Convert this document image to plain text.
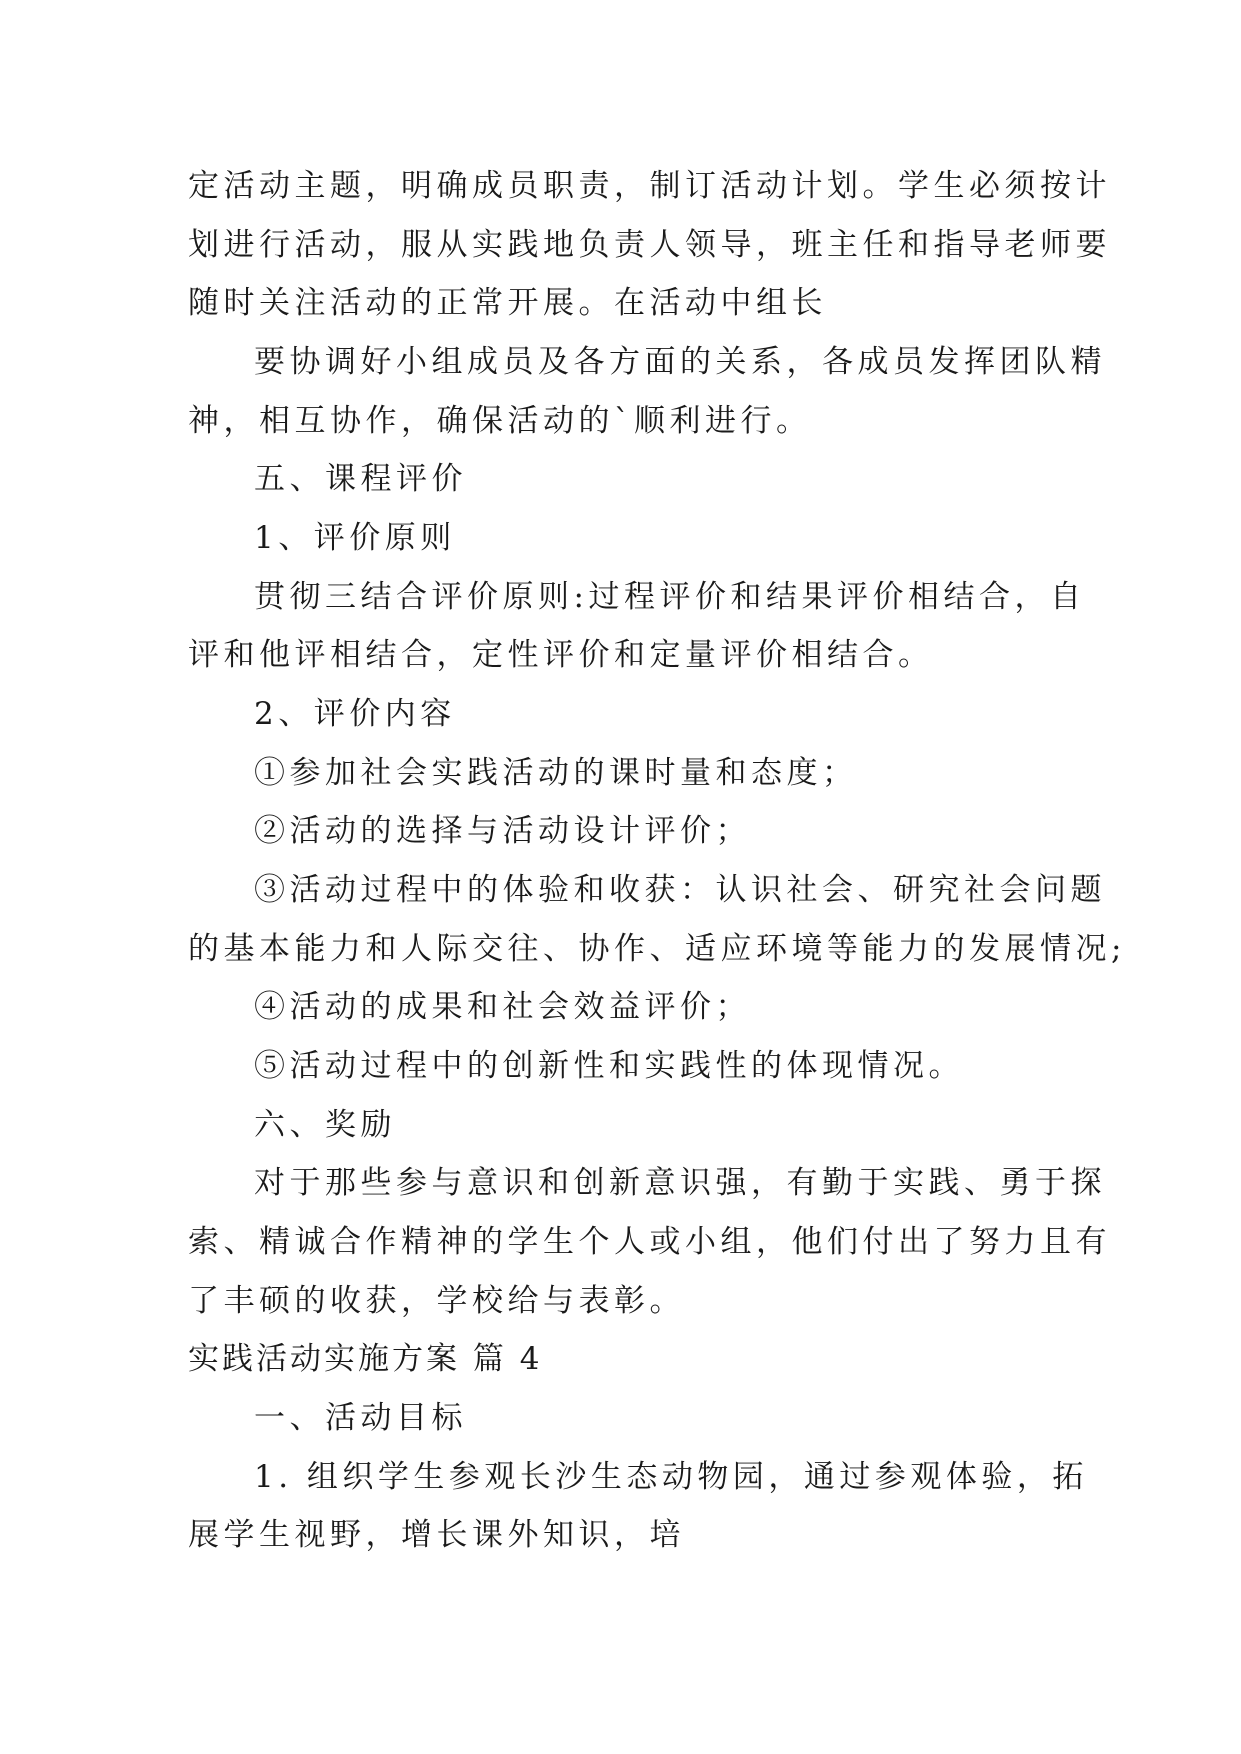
定活动主题，明确成员职责，制订活动计划。学生必须按计
划进行活动，服从实践地负责人领导，班主任和指导老师要
随时关注活动的正常开展。在活动中组长
要协调好小组成员及各方面的关系，各成员发挥团队精
神，相互协作，确保活动的`顺利进行。
五、课程评价
1、评价原则
贯彻三结合评价原则:过程评价和结果评价相结合，自
评和他评相结合，定性评价和定量评价相结合。
2、评价内容
①参加社会实践活动的课时量和态度；
②活动的选择与活动设计评价；
③活动过程中的体验和收获：认识社会、研究社会问题
的基本能力和人际交往、协作、适应环境等能力的发展情况;
④活动的成果和社会效益评价；
⑤活动过程中的创新性和实践性的体现情况。
六、奖励
对于那些参与意识和创新意识强，有勤于实践、勇于探
索、精诚合作精神的学生个人或小组，他们付出了努力且有
了丰硕的收获，学校给与表彰。
实践活动实施方案 篇 4
一、活动目标
1. 组织学生参观长沙生态动物园，通过参观体验，拓
展学生视野，增长课外知识，培
